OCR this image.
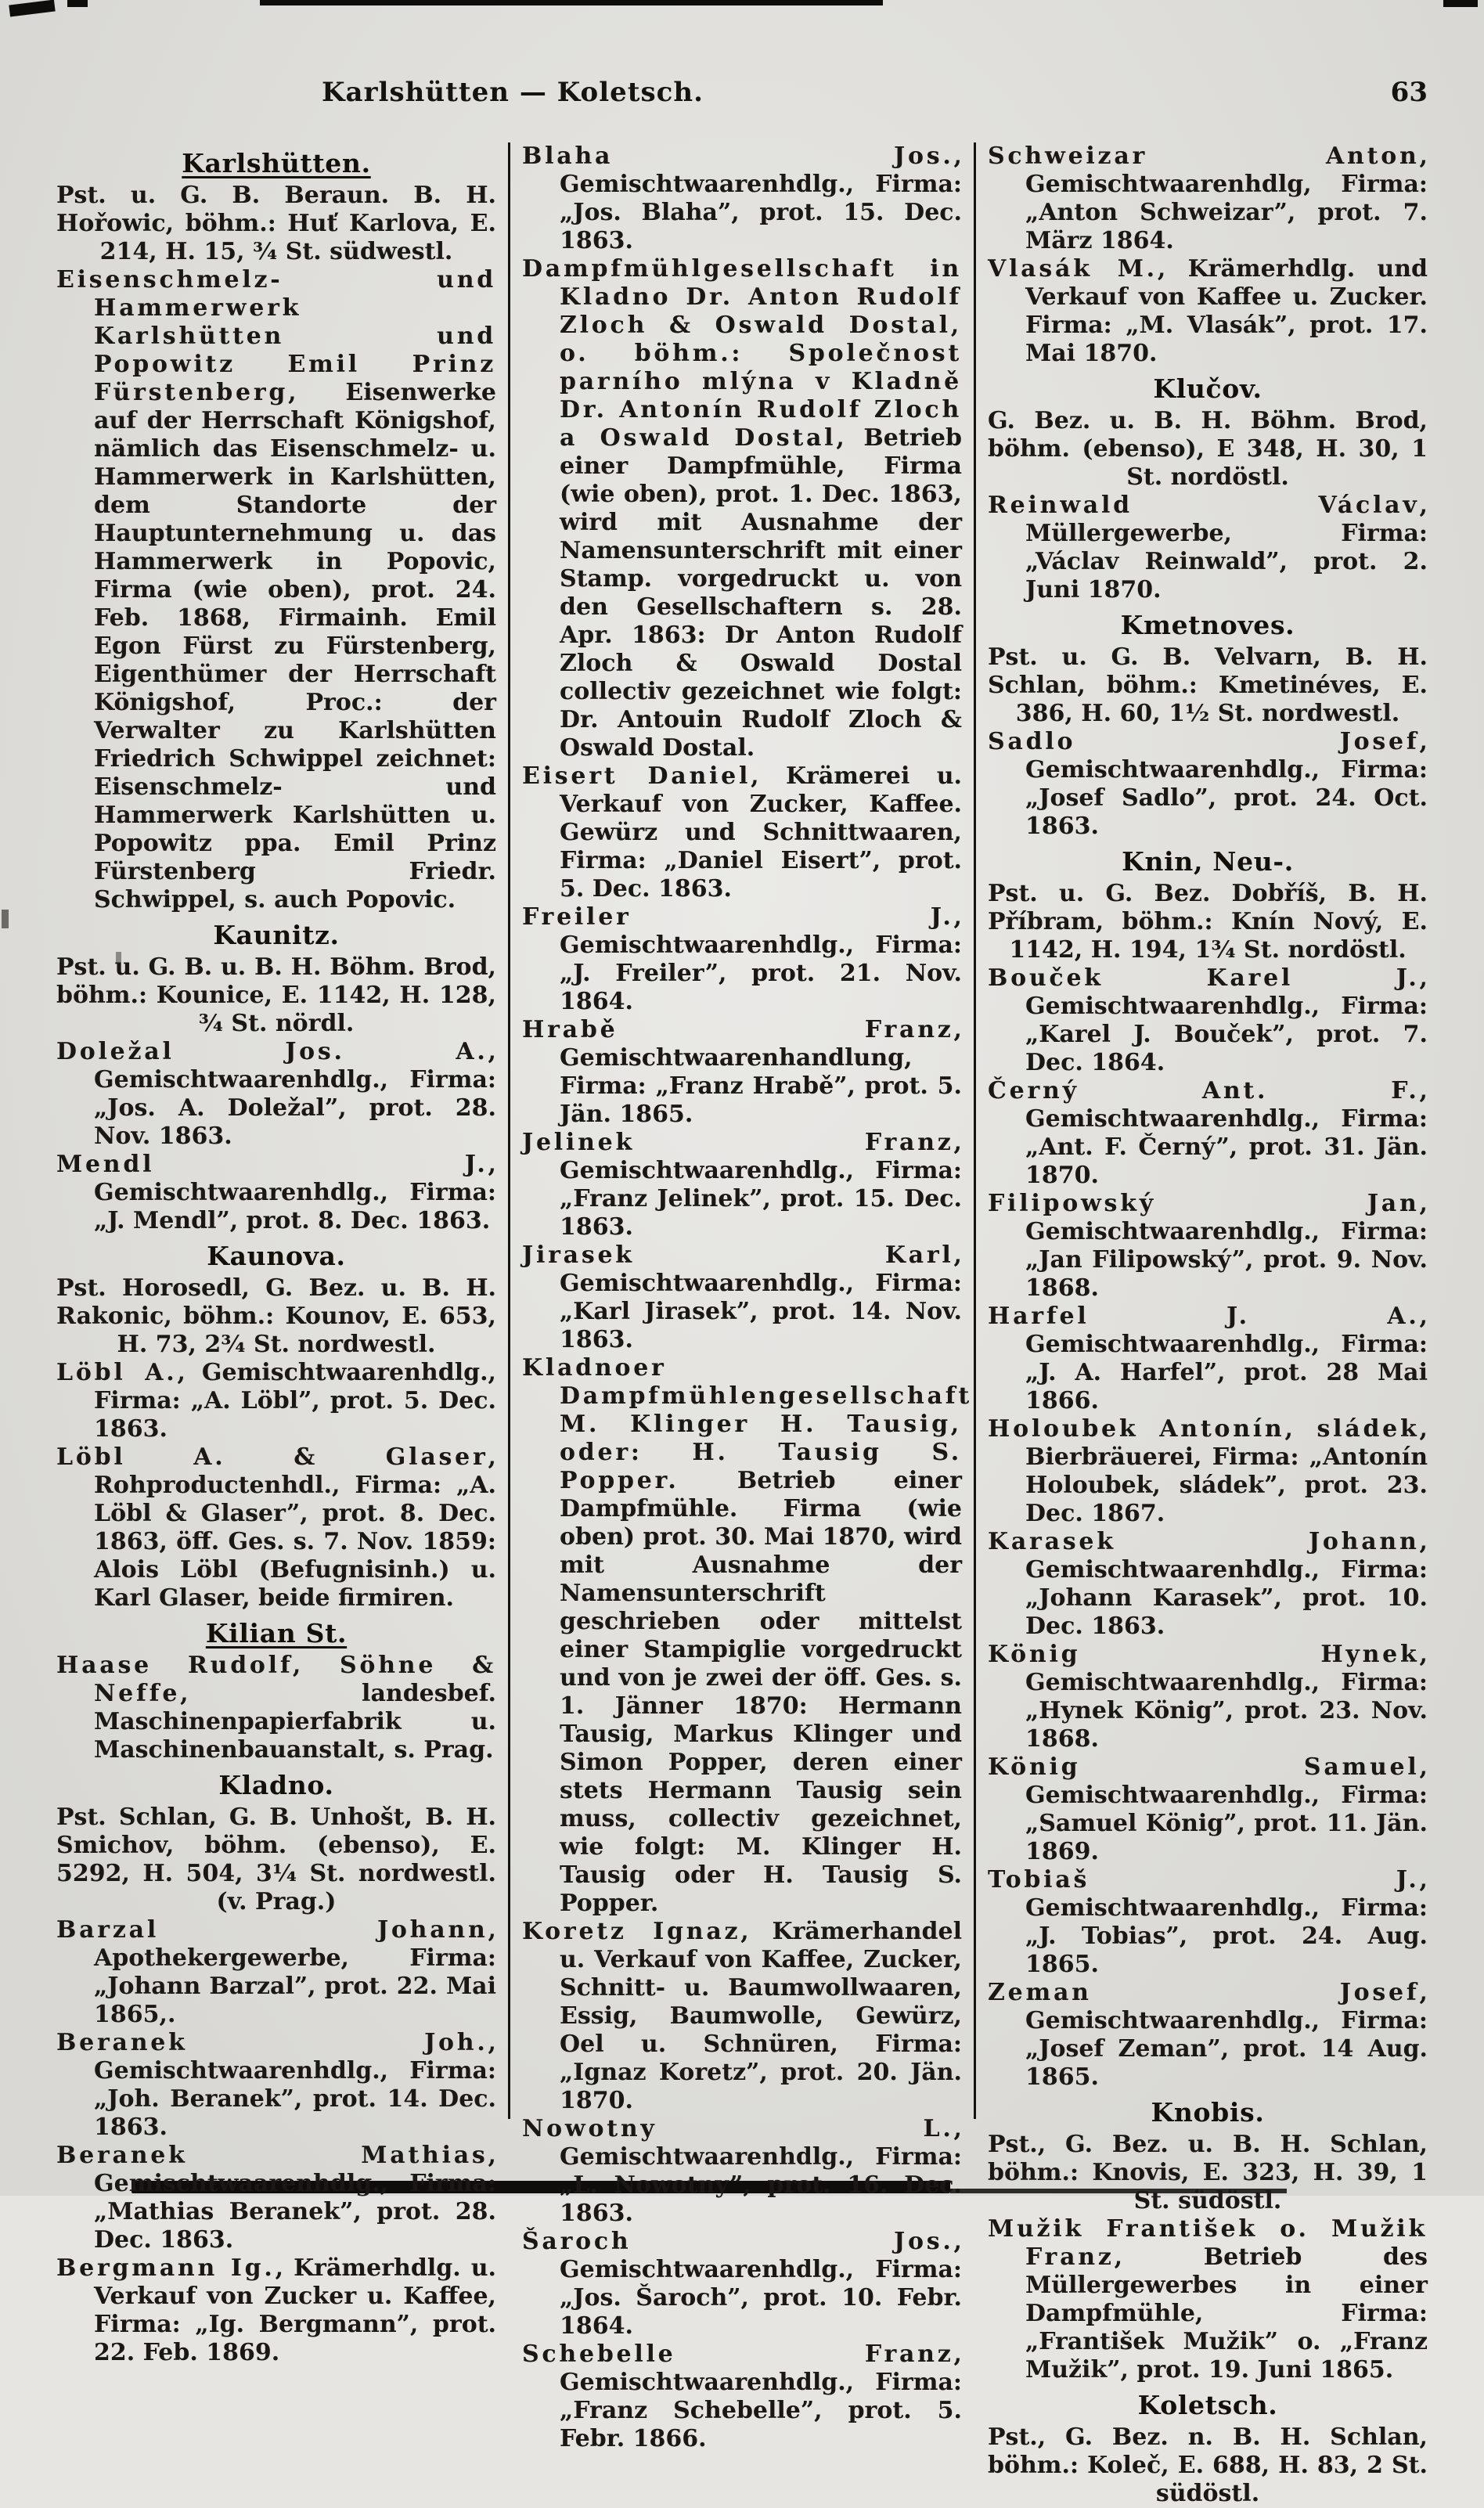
Karlshütten — Koletsch.	63
Karlshütten.
Pst. u. G. B. Beraun. B. H. Hořowic, böhm.: Huť Karlova, E. 214, H. 15, ¾ St. südwestl.
Eisenschmelz- und Hammerwerk Karlshütten und Popowitz Emil Prinz Fürstenberg, Eisenwerke auf der Herrschaft Königshof, nämlich das Eisenschmelz- u. Hammerwerk in Karlshütten, dem Standorte der Hauptunternehmung u. das Hammerwerk in Popovic, Firma (wie oben), prot. 24. Feb. 1868, Firmainh. Emil Egon Fürst zu Fürstenberg, Eigenthümer der Herrschaft Königshof, Proc.: der Verwalter zu Karlshütten Friedrich Schwippel zeichnet: Eisenschmelz- und Hammerwerk Karlshütten u. Popowitz ppa. Emil Prinz Fürstenberg Friedr. Schwippel, s. auch Popovic.
Kaunitz.
Pst. u. G. B. u. B. H. Böhm. Brod, böhm.: Kounice, E. 1142, H. 128, ¾ St. nördl.
Doležal Jos. A., Gemischtwaarenhdlg., Firma: „Jos. A. Doležal”, prot. 28. Nov. 1863.
Mendl J., Gemischtwaarenhdlg., Firma: „J. Mendl”, prot. 8. Dec. 1863.
Kaunova.
Pst. Horosedl, G. Bez. u. B. H. Rakonic, böhm.: Kounov, E. 653, H. 73, 2¾ St. nordwestl.
Löbl A., Gemischtwaarenhdlg., Firma: „A. Löbl”, prot. 5. Dec. 1863.
Löbl A. & Glaser, Rohproductenhdl., Firma: „A. Löbl & Glaser”, prot. 8. Dec. 1863, öff. Ges. s. 7. Nov. 1859: Alois Löbl (Befugnisinh.) u. Karl Glaser, beide firmiren.
Kilian St.
Haase Rudolf, Söhne & Neffe, landesbef. Maschinenpapierfabrik u. Maschinenbauanstalt, s. Prag.
Kladno.
Pst. Schlan, G. B. Unhošt, B. H. Smichov, böhm. (ebenso), E. 5292, H. 504, 3¼ St. nordwestl. (v. Prag.)
Barzal Johann, Apothekergewerbe, Firma: „Johann Barzal”, prot. 22. Mai 1865,.
Beranek Joh., Gemischtwaarenhdlg., Firma: „Joh. Beranek”, prot. 14. Dec. 1863.
Beranek Mathias, Gemischtwaarenhdlg., Firma: „Mathias Beranek”, prot. 28. Dec. 1863.
Bergmann Ig., Krämerhdlg. u. Verkauf von Zucker u. Kaffee, Firma: „Ig. Bergmann”, prot. 22. Feb. 1869.
Blaha Jos., Gemischtwaarenhdlg., Firma: „Jos. Blaha”, prot. 15. Dec. 1863.
Dampfmühlgesellschaft in Kladno Dr. Anton Rudolf Zloch & Oswald Dostal, o. böhm.: Společnost parního mlýna v Kladně Dr. Antonín Rudolf Zloch a Oswald Dostal, Betrieb einer Dampfmühle, Firma (wie oben), prot. 1. Dec. 1863, wird mit Ausnahme der Namensunterschrift mit einer Stamp. vorgedruckt u. von den Gesellschaftern s. 28. Apr. 1863: Dr Anton Rudolf Zloch & Oswald Dostal collectiv gezeichnet wie folgt: Dr. Antouin Rudolf Zloch & Oswald Dostal.
Eisert Daniel, Krämerei u. Verkauf von Zucker, Kaffee. Gewürz und Schnittwaaren, Firma: „Daniel Eisert”, prot. 5. Dec. 1863.
Freiler J., Gemischtwaarenhdlg., Firma: „J. Freiler”, prot. 21. Nov. 1864.
Hrabě Franz, Gemischtwaarenhandlung, Firma: „Franz Hrabě”, prot. 5. Jän. 1865.
Jelinek Franz, Gemischtwaarenhdlg., Firma: „Franz Jelinek”, prot. 15. Dec. 1863.
Jirasek Karl, Gemischtwaarenhdlg., Firma: „Karl Jirasek”, prot. 14. Nov. 1863.
Kladnoer Dampfmühlengesellschaft M. Klinger H. Tausig, oder: H. Tausig S. Popper. Betrieb einer Dampfmühle. Firma (wie oben) prot. 30. Mai 1870, wird mit Ausnahme der Namensunterschrift geschrieben oder mittelst einer Stampiglie vorgedruckt und von je zwei der öff. Ges. s. 1. Jänner 1870: Hermann Tausig, Markus Klinger und Simon Popper, deren einer stets Hermann Tausig sein muss, collectiv gezeichnet, wie folgt: M. Klinger H. Tausig oder H. Tausig S. Popper.
Koretz Ignaz, Krämerhandel u. Verkauf von Kaffee, Zucker, Schnitt- u. Baumwollwaaren, Essig, Baumwolle, Gewürz, Oel u. Schnüren, Firma: „Ignaz Koretz”, prot. 20. Jän. 1870.
Nowotny L., Gemischtwaarenhdlg., Firma: „L. Nowotny”, prot. 16. Dec. 1863.
Šaroch Jos., Gemischtwaarenhdlg., Firma: „Jos. Šaroch”, prot. 10. Febr. 1864.
Schebelle Franz, Gemischtwaarenhdlg., Firma: „Franz Schebelle”, prot. 5. Febr. 1866.
Schweizar Anton, Gemischtwaarenhdlg, Firma: „Anton Schweizar”, prot. 7. März 1864.
Vlasák M., Krämerhdlg. und Verkauf von Kaffee u. Zucker. Firma: „M. Vlasák”, prot. 17. Mai 1870.
Klučov.
G. Bez. u. B. H. Böhm. Brod, böhm. (ebenso), E 348, H. 30, 1 St. nordöstl.
Reinwald Václav, Müllergewerbe, Firma: „Václav Reinwald”, prot. 2. Juni 1870.
Kmetnoves.
Pst. u. G. B. Velvarn, B. H. Schlan, böhm.: Kmetinéves, E. 386, H. 60, 1½ St. nordwestl.
Sadlo Josef, Gemischtwaarenhdlg., Firma: „Josef Sadlo”, prot. 24. Oct. 1863.
Knin, Neu-.
Pst. u. G. Bez. Dobříš, B. H. Příbram, böhm.: Knín Nový, E. 1142, H. 194, 1¾ St. nordöstl.
Bouček Karel J., Gemischtwaarenhdlg., Firma: „Karel J. Bouček”, prot. 7. Dec. 1864.
Černý Ant. F., Gemischtwaarenhdlg., Firma: „Ant. F. Černý”, prot. 31. Jän. 1870.
Filipowský Jan, Gemischtwaarenhdlg., Firma: „Jan Filipowský”, prot. 9. Nov. 1868.
Harfel J. A., Gemischtwaarenhdlg., Firma: „J. A. Harfel”, prot. 28 Mai 1866.
Holoubek Antonín, sládek, Bierbräuerei, Firma: „Antonín Holoubek, sládek”, prot. 23. Dec. 1867.
Karasek Johann, Gemischtwaarenhdlg., Firma: „Johann Karasek”, prot. 10. Dec. 1863.
König Hynek, Gemischtwaarenhdlg., Firma: „Hynek König”, prot. 23. Nov. 1868.
König Samuel, Gemischtwaarenhdlg., Firma: „Samuel König”, prot. 11. Jän. 1869.
Tobiaš J., Gemischtwaarenhdlg., Firma: „J. Tobias”, prot. 24. Aug. 1865.
Zeman Josef, Gemischtwaarenhdlg., Firma: „Josef Zeman”, prot. 14 Aug. 1865.
Knobis.
Pst., G. Bez. u. B. H. Schlan, böhm.: Knovis, E. 323, H. 39, 1 St. südöstl.
Mužik František o. Mužik Franz, Betrieb des Müllergewerbes in einer Dampfmühle, Firma: „František Mužik” o. „Franz Mužik”, prot. 19. Juni 1865.
Koletsch.
Pst., G. Bez. n. B. H. Schlan, böhm.: Koleč, E. 688, H. 83, 2 St. südöstl.
